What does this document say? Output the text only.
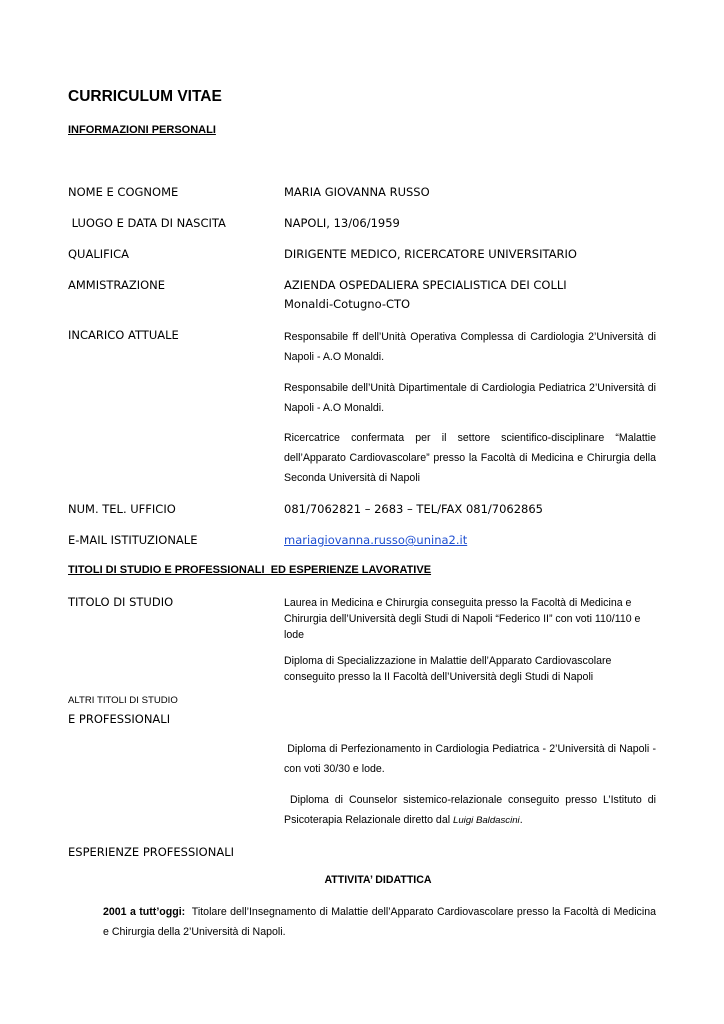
CURRICULUM VITAE
INFORMAZIONI PERSONALI
NOME E COGNOME	MARIA GIOVANNA RUSSO
LUOGO E DATA DI NASCITA	NAPOLI, 13/06/1959
QUALIFICA	DIRIGENTE MEDICO, RICERCATORE UNIVERSITARIO
AMMISTRAZIONE	AZIENDA OSPEDALIERA SPECIALISTICA DEI COLLI
Monaldi-Cotugno-CTO
INCARICO ATTUALE	Responsabile ff dell’Unità Operativa Complessa di Cardiologia 2’Università di Napoli - A.O Monaldi.
Responsabile dell’Unità Dipartimentale di Cardiologia Pediatrica 2’Università di Napoli - A.O Monaldi.
Ricercatrice confermata per il settore scientifico-disciplinare “Malattie dell’Apparato Cardiovascolare” presso la Facoltà di Medicina e Chirurgia della Seconda Università di Napoli
NUM. TEL. UFFICIO	081/7062821 – 2683 – TEL/FAX 081/7062865
E-MAIL ISTITUZIONALE	mariagiovanna.russo@unina2.it
TITOLI DI STUDIO E PROFESSIONALI  ED ESPERIENZE LAVORATIVE
TITOLO DI STUDIO	Laurea in Medicina e Chirurgia conseguita presso la Facoltà di Medicina e Chirurgia dell’Università degli Studi di Napoli “Federico II” con voti 110/110 e lode
Diploma di Specializzazione in Malattie dell’Apparato Cardiovascolare conseguito presso la II Facoltà dell’Università degli Studi di Napoli
ALTRI TITOLI DI STUDIO
E PROFESSIONALI
Diploma di Perfezionamento in Cardiologia Pediatrica - 2’Università di Napoli - con voti 30/30 e lode.
Diploma di Counselor sistemico-relazionale conseguito presso L’Istituto di Psicoterapia Relazionale diretto dal Luigi Baldascini.
ESPERIENZE PROFESSIONALI
ATTIVITA’ DIDATTICA
2001 a tutt’oggi:  Titolare dell’Insegnamento di Malattie dell’Apparato Cardiovascolare presso la Facoltà di Medicina e Chirurgia della 2’Università di Napoli.
